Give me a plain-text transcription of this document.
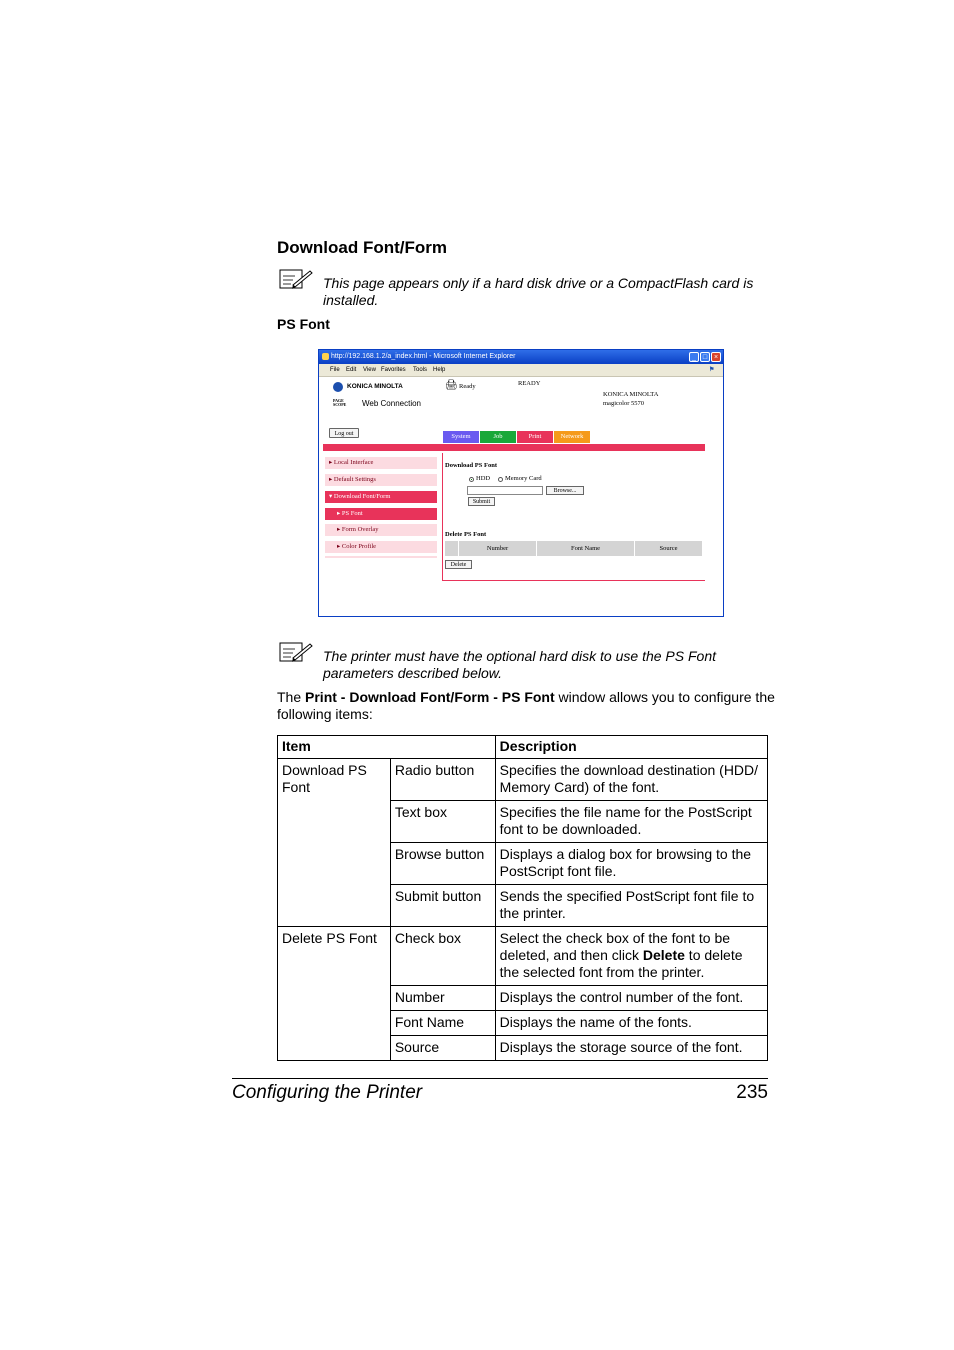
Download Font/Form
This page appears only if a hard disk drive or a CompactFlash card is installed.
PS Font
http://192.168.1.2/a_index.html - Microsoft Internet Explorer	_ □ ×
File Edit View Favorites Tools Help	⚑
KONICA MINOLTA
PAGE SCOPE Web Connection
🖨 Ready	READY
KONICA MINOLTA
magicolor 5570
Log out	System	Job	Print	Network
▸ Local Interface
▸ Default Settings
▾ Download Font/Form
▸ PS Font
▸ Form Overlay
▸ Color Profile
Download PS Font
HDD Memory Card
Browse...
Submit
Delete PS Font
Number	Font Name	Source
Delete
The printer must have the optional hard disk to use the PS Font parameters described below.
The Print - Download Font/Form - PS Font window allows you to configure the following items:
Item		Description
Download PS Font	Radio button	Specifies the download destination (HDD/ Memory Card) of the font.
	Text box	Specifies the file name for the PostScript font to be downloaded.
	Browse button	Displays a dialog box for browsing to the PostScript font file.
	Submit button	Sends the specified PostScript font file to the printer.
Delete PS Font	Check box	Select the check box of the font to be deleted, and then click Delete to delete the selected font from the printer.
	Number	Displays the control number of the font.
	Font Name	Displays the name of the fonts.
	Source	Displays the storage source of the font.
Configuring the Printer	235
